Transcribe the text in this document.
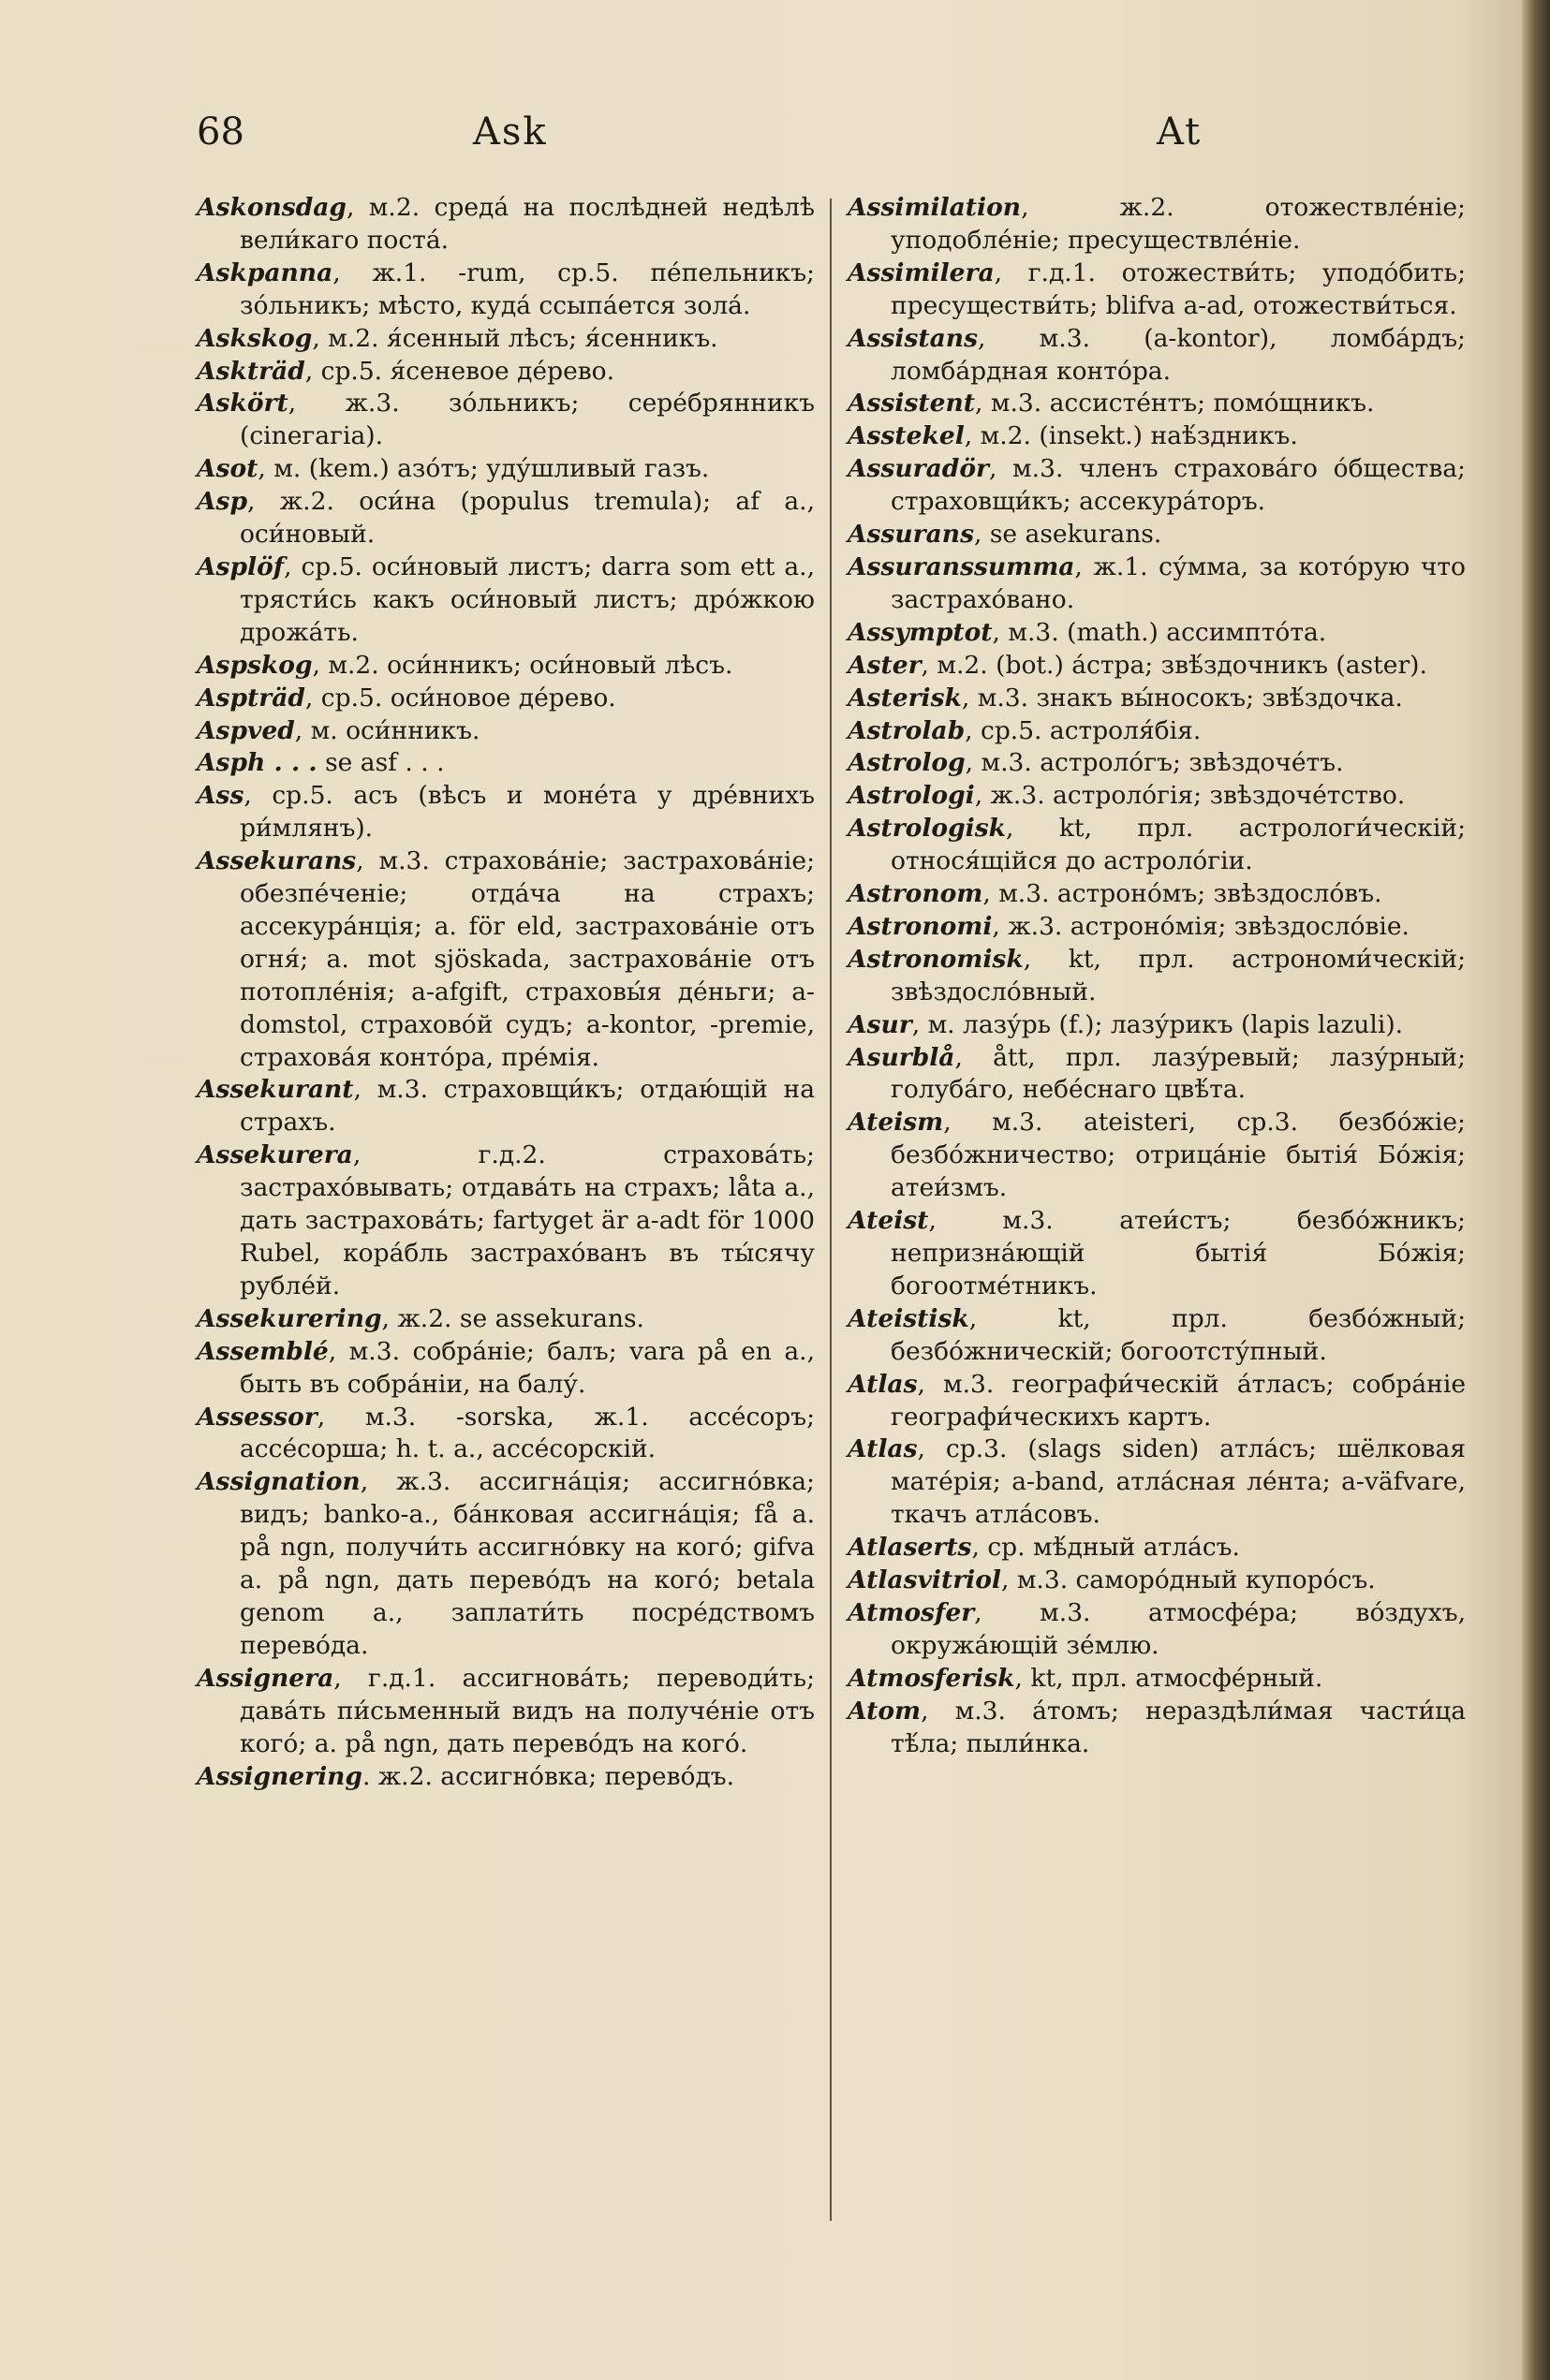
68	Ask	At

Askonsdag, м.2. среда́ на послѣдней недѣлѣ вели́каго поста́.

Askpanna, ж.1. -rum, ср.5. пе́пельникъ; зо́льникъ; мѣсто, куда́ ссыпа́ется зола́.

Askskog, м.2. я́сенный лѣсъ; я́сенникъ.

Askträd, ср.5. я́сеневое де́рево.

Askört, ж.3. зо́льникъ; сере́брянникъ (cinегагiа).

Asot, м. (kem.) азо́тъ; уду́шливый газъ.

Asp, ж.2. оси́на (populus tremula); af a., оси́новый.

Asplöf, ср.5. оси́новый листъ; darra som ett a., трясти́сь какъ оси́новый листъ; дро́жкою дрожа́ть.

Aspskog, м.2. оси́нникъ; оси́новый лѣсъ.

Aspträd, ср.5. оси́новое де́рево.

Aspved, м. оси́нникъ.

Asph . . . se asf . . .

Ass, ср.5. асъ (вѣсъ и моне́та у дре́внихъ ри́млянъ).

Assekurans, м.3. страхова́нiе; застрахова́нiе; обезпе́ченiе; отда́ча на страхъ; ассекура́нцiя; a. för eld, застрахова́нiе отъ огня́; a. mot sjöskada, застрахова́нiе отъ потопле́нiя; a-afgift, страховы́я де́ньги; a-domstol, страхово́й судъ; a-kontor, -premie, страхова́я конто́ра, пре́мiя.

Assekurant, м.3. страховщи́къ; отдаю́щiй на страхъ.

Assekurera, г.д.2. страхова́ть; застрахо́вывать; отдава́ть на страхъ; låta a., дать застрахова́ть; fartyget är a-adt för 1000 Rubel, кора́бль застрахо́ванъ въ ты́сячу рубле́й.

Assekurering, ж.2. se assekurans.

Assemblé, м.3. собра́нiе; балъ; vara på en a., быть въ собра́нiи, на балу́.

Assessor, м.3. -sorska, ж.1. ассе́соръ; ассе́сорша; h. t. a., ассе́сорскiй.

Assignation, ж.3. ассигна́цiя; ассигно́вка; видъ; banko-a., ба́нковая ассигна́цiя; få a. på ngn, получи́ть ассигно́вку на кого́; gifva a. på ngn, дать перево́дъ на кого́; betala genom a., заплати́ть посре́дствомъ перево́да.

Assignera, г.д.1. ассигнова́ть; переводи́ть; дава́ть пи́сьменный видъ на получе́нiе отъ кого́; a. på ngn, дать перево́дъ на кого́.

Assignering. ж.2. ассигно́вка; перево́дъ.

Assimilation, ж.2. отожествле́нiе; уподобле́нiе; пресуществле́нiе.

Assimilera, г.д.1. отожестви́ть; уподо́бить; пресуществи́ть; blifva a-ad, отожестви́ться.

Assistans, м.3. (a-kontor), ломба́рдъ; ломба́рдная конто́ра.

Assistent, м.3. ассисте́нтъ; помо́щникъ.

Asstekel, м.2. (insekt.) наѣ́здникъ.

Assuradör, м.3. членъ страхова́го о́бщества; страховщи́къ; ассекура́торъ.

Assurans, se asekurans.

Assuranssumma, ж.1. су́мма, за кото́рую что застрахо́вано.

Assymptot, м.3. (math.) ассимпто́та.

Aster, м.2. (bot.) а́стра; звѣ́здочникъ (aster).

Asterisk, м.3. знакъ вы́носокъ; звѣ́здочка.

Astrolab, ср.5. астроля́бiя.

Astrolog, м.3. астроло́гъ; звѣздоче́тъ.

Astrologi, ж.3. астроло́гiя; звѣздоче́тство.

Astrologisk, kt, прл. астрологи́ческiй; относя́щiйся до астроло́гiи.

Astronom, м.3. астроно́мъ; звѣздосло́въ.

Astronomi, ж.3. астроно́мiя; звѣздосло́вiе.

Astronomisk, kt, прл. астрономи́ческiй; звѣздосло́вный.

Asur, м. лазу́рь (f.); лазу́рикъ (lapis lazuli).

Asurblå, ått, прл. лазу́ревый; лазу́рный; голуба́го, небе́снаго цвѣ́та.

Ateism, м.3. ateisteri, ср.3. безбо́жiе; безбо́жничество; отрица́нiе бытiя́ Бо́жiя; атеи́змъ.

Ateist, м.3. атеи́стъ; безбо́жникъ; непризна́ющiй бытiя́ Бо́жiя; богоотме́тникъ.

Ateistisk, kt, прл. безбо́жный; безбо́жническiй; богоотсту́пный.

Atlas, м.3. географи́ческiй а́тласъ; собра́нiе географи́ческихъ картъ.

Atlas, ср.3. (slags siden) атла́съ; шёлковая мате́рiя; a-band, атла́сная ле́нта; a-väfvare, ткачъ атла́совъ.

Atlaserts, ср. мѣ́дный атла́съ.

Atlasvitriol, м.3. самоpо́дный купоро́съ.

Atmosfer, м.3. атмосфе́ра; во́здухъ, окружа́ющiй зе́млю.

Atmosferisk, kt, прл. атмосфе́рный.

Atom, м.3. а́томъ; нераздѣли́мая части́ца тѣ́ла; пыли́нка.
